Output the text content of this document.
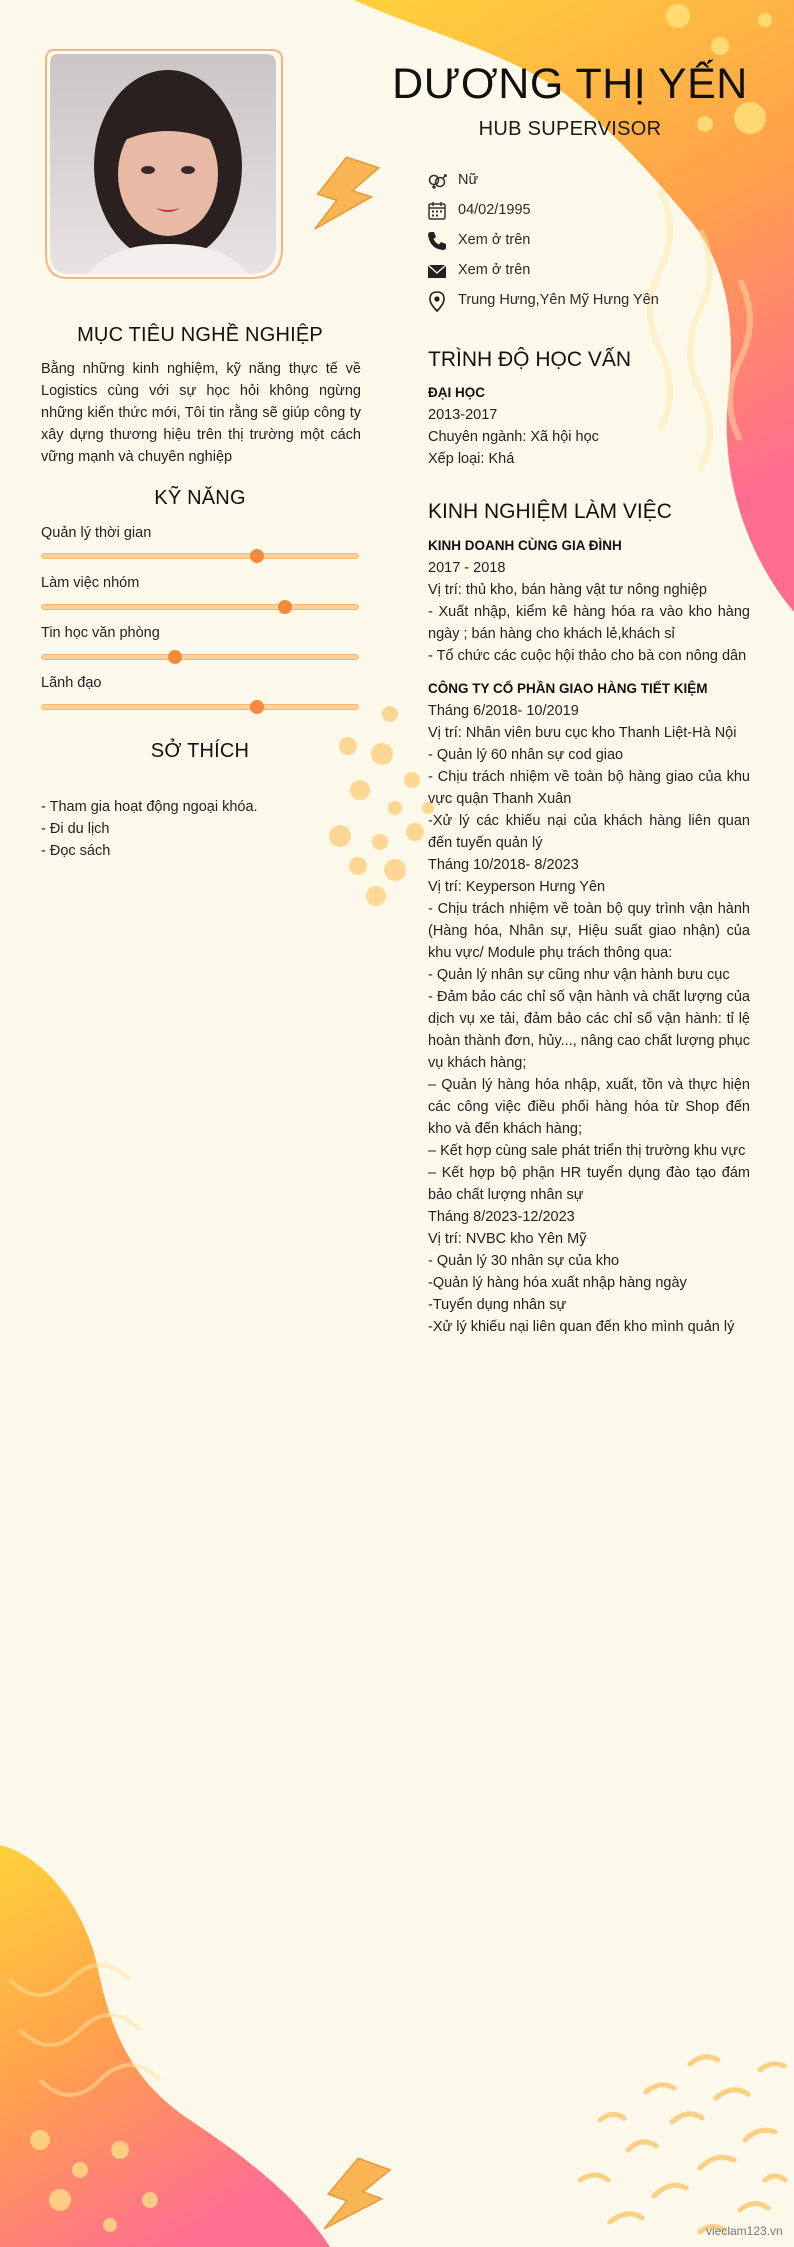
DƯƠNG THỊ YẾN
HUB SUPERVISOR
Nữ
04/02/1995
Xem ở trên
Xem ở trên
Trung Hưng,Yên Mỹ Hưng Yên
MỤC TIÊU NGHỀ NGHIỆP
Bằng những kinh nghiệm, kỹ năng thực tế về Logistics cùng với sự học hỏi không ngừng những kiến thức mới, Tôi tin rằng sẽ giúp công ty xây dựng thương hiệu trên thị trường một cách vững mạnh và chuyên nghiệp
KỸ NĂNG
Quản lý thời gian
Làm việc nhóm
Tin học văn phòng
Lãnh đạo
SỞ THÍCH

- Tham gia hoạt động ngoại khóa.

- Đi du lịch

- Đọc sách

TRÌNH ĐỘ HỌC VẤN

ĐẠI HỌC

2013-2017

Chuyên ngành: Xã hội học

Xếp loại: Khá

KINH NGHIỆM LÀM VIỆC

KINH DOANH CÙNG GIA ĐÌNH

2017 - 2018

Vị trí: thủ kho, bán hàng vật tư nông nghiệp

- Xuất nhập, kiểm kê hàng hóa ra vào kho hàng ngày ; bán hàng cho khách lẻ,khách sỉ

- Tổ chức các cuộc hội thảo cho bà con nông dân

CÔNG TY CỔ PHẦN GIAO HÀNG TIẾT KIỆM

Tháng 6/2018- 10/2019

Vị trí: Nhân viên bưu cục kho Thanh Liệt-Hà Nội

- Quản lý 60 nhân sự cod giao

- Chịu trách nhiệm về toàn bộ hàng giao của khu vực quận Thanh Xuân

-Xử lý các khiếu nại của khách hàng liên quan đến tuyến quản lý

Tháng 10/2018- 8/2023

Vị trí: Keyperson Hưng Yên

- Chịu trách nhiệm về toàn bộ quy trình vận hành (Hàng hóa, Nhân sự, Hiệu suất giao nhận) của khu vực/ Module phụ trách thông qua:

- Quản lý nhân sự cũng như vận hành bưu cục

- Đảm bảo các chỉ số vận hành và chất lượng của dịch vụ xe tải, đảm bảo các chỉ số vận hành: tỉ lệ hoàn thành đơn, hủy..., nâng cao chất lượng phục vụ khách hàng;

– Quản lý hàng hóa nhập, xuất, tồn và thực hiện các công việc điều phối hàng hóa từ Shop đến kho và đến khách hàng;

– Kết hợp cùng sale phát triển thị trường khu vực

– Kết hợp bộ phận HR tuyển dụng đào tạo đám bảo chất lượng nhân sự

Tháng 8/2023-12/2023

Vị trí: NVBC kho Yên Mỹ

- Quản lý 30 nhân sự của kho

-Quản lý hàng hóa xuất nhập hàng ngày

-Tuyển dụng nhân sự

-Xử lý khiếu nại liên quan đến kho mình quản lý

vieclam123.vn
